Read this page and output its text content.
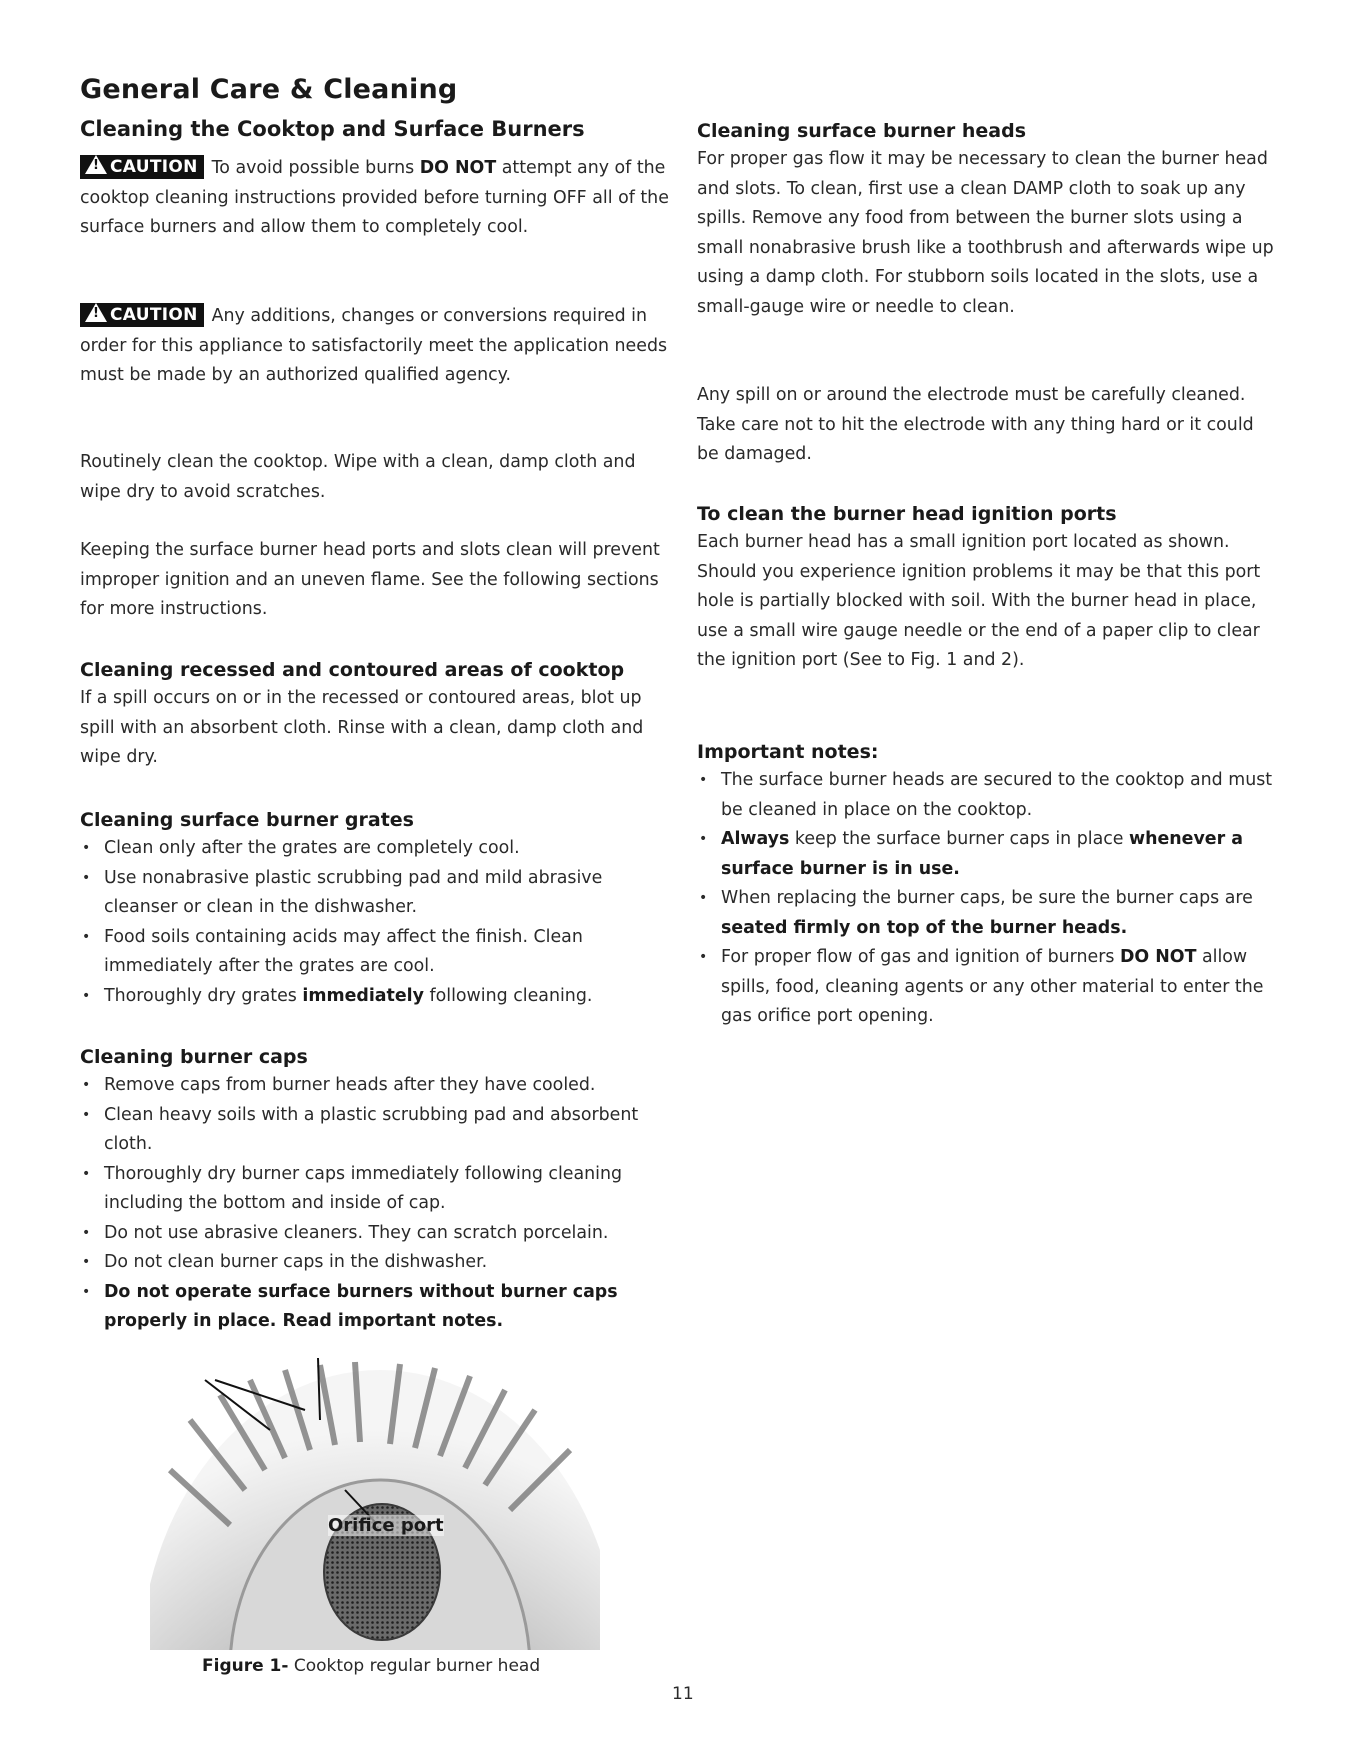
General Care & Cleaning
Cleaning the Cooktop and Surface Burners

!CAUTION To avoid possible burns DO NOT attempt any of the cooktop cleaning instructions provided before turning OFF all of the surface burners and allow them to completely cool.

!CAUTION Any additions, changes or conversions required in order for this appliance to satisfactorily meet the application needs must be made by an authorized qualified agency.

Routinely clean the cooktop. Wipe with a clean, damp cloth and wipe dry to avoid scratches.

Keeping the surface burner head ports and slots clean will prevent improper ignition and an uneven flame. See the following sections for more instructions.

Cleaning recessed and contoured areas of cooktop

If a spill occurs on or in the recessed or contoured areas, blot up spill with an absorbent cloth. Rinse with a clean, damp cloth and wipe dry.

Cleaning surface burner grates
• Clean only after the grates are completely cool.
• Use nonabrasive plastic scrubbing pad and mild abrasive cleanser or clean in the dishwasher.
• Food soils containing acids may affect the finish. Clean immediately after the grates are cool.
• Thoroughly dry grates immediately following cleaning.
Cleaning burner caps
• Remove caps from burner heads after they have cooled.
• Clean heavy soils with a plastic scrubbing pad and absorbent cloth.
• Thoroughly dry burner caps immediately following cleaning including the bottom and inside of cap.
• Do not use abrasive cleaners. They can scratch porcelain.
• Do not clean burner caps in the dishwasher.
• Do not operate surface burners without burner caps properly in place. Read important notes.
Orifice port
Figure 1- Cooktop regular burner head
Cleaning surface burner heads

For proper gas flow it may be necessary to clean the burner head and slots. To clean, first use a clean DAMP cloth to soak up any spills. Remove any food from between the burner slots using a small nonabrasive brush like a toothbrush and afterwards wipe up using a damp cloth. For stubborn soils located in the slots, use a small-gauge wire or needle to clean.

Any spill on or around the electrode must be carefully cleaned. Take care not to hit the electrode with any thing hard or it could be damaged.

To clean the burner head ignition ports

Each burner head has a small ignition port located as shown. Should you experience ignition problems it may be that this port hole is partially blocked with soil. With the burner head in place, use a small wire gauge needle or the end of a paper clip to clear the ignition port (See to Fig. 1 and 2).

Important notes:
• The surface burner heads are secured to the cooktop and must be cleaned in place on the cooktop.
• Always keep the surface burner caps in place whenever a surface burner is in use.
• When replacing the burner caps, be sure the burner caps are seated firmly on top of the burner heads.
• For proper flow of gas and ignition of burners DO NOT allow spills, food, cleaning agents or any other material to enter the gas orifice port opening.
11
